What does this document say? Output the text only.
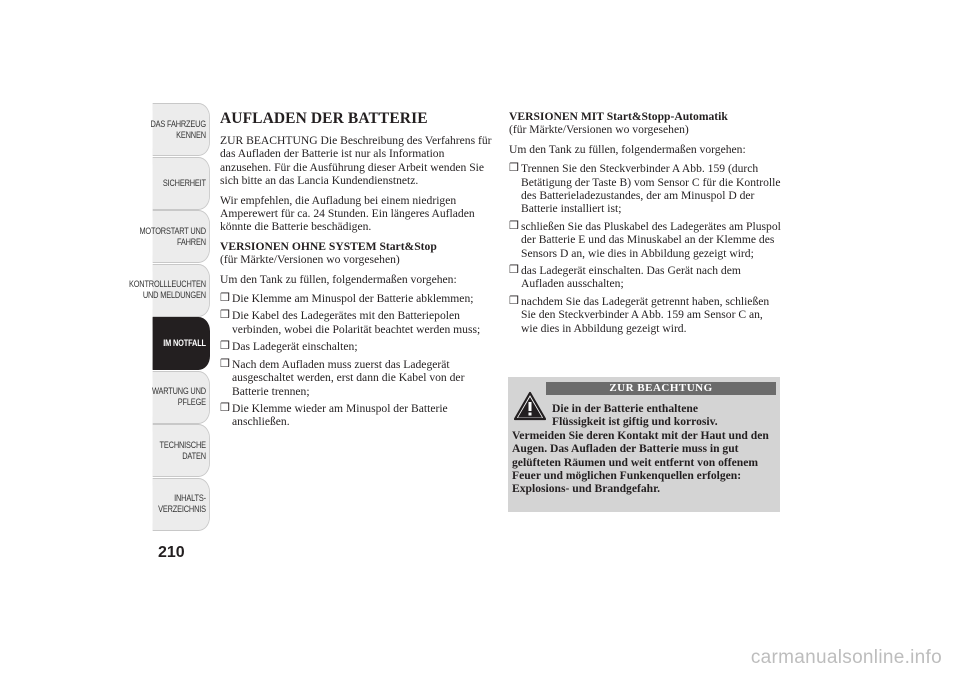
DAS FAHRZEUG
KENNEN
SICHERHEIT
MOTORSTART UND
FAHREN
KONTROLLLEUCHTEN
UND MELDUNGEN
IM NOTFALL
WARTUNG UND
PFLEGE
TECHNISCHE
DATEN
INHALTS-
VERZEICHNIS
210
AUFLADEN DER BATTERIE

ZUR BEACHTUNG Die Beschreibung des Verfahrens für das Aufladen der Batterie ist nur als Information anzusehen. Für die Ausführung dieser Arbeit wenden Sie sich bitte an das Lancia Kundendienstnetz.

Wir empfehlen, die Aufladung bei einem niedrigen Amperewert für ca. 24 Stunden. Ein längeres Aufladen könnte die Batterie beschädigen.

VERSIONEN OHNE SYSTEM Start&Stop
(für Märkte/Versionen wo vorgesehen)

Um den Tank zu füllen, folgendermaßen vorgehen:

❒ Die Klemme am Minuspol der Batterie abklemmen;
❒ Die Kabel des Ladegerätes mit den Batteriepolen verbinden, wobei die Polarität beachtet werden muss;
❒ Das Ladegerät einschalten;
❒ Nach dem Aufladen muss zuerst das Ladegerät ausgeschaltet werden, erst dann die Kabel von der Batterie trennen;
❒ Die Klemme wieder am Minuspol der Batterie anschließen.

VERSIONEN MIT Start&Stopp-Automatik
(für Märkte/Versionen wo vorgesehen)

Um den Tank zu füllen, folgendermaßen vorgehen:

❒ Trennen Sie den Steckverbinder A Abb. 159 (durch Betätigung der Taste B) vom Sensor C für die Kontrolle des Batterieladezustandes, der am Minuspol D der Batterie installiert ist;
❒ schließen Sie das Pluskabel des Ladegerätes am Pluspol der Batterie E und das Minuskabel an der Klemme des Sensors D an, wie dies in Abbildung gezeigt wird;
❒ das Ladegerät einschalten. Das Gerät nach dem Aufladen ausschalten;
❒ nachdem Sie das Ladegerät getrennt haben, schließen Sie den Steckverbinder A Abb. 159 am Sensor C an, wie dies in Abbildung gezeigt wird.
ZUR BEACHTUNG
Die in der Batterie enthaltene
Flüssigkeit ist giftig und korrosiv.
Vermeiden Sie deren Kontakt mit der Haut und den Augen. Das Aufladen der Batterie muss in gut gelüfteten Räumen und weit entfernt von offenem Feuer und möglichen Funkenquellen erfolgen: Explosions- und Brandgefahr.
carmanualsonline.info
